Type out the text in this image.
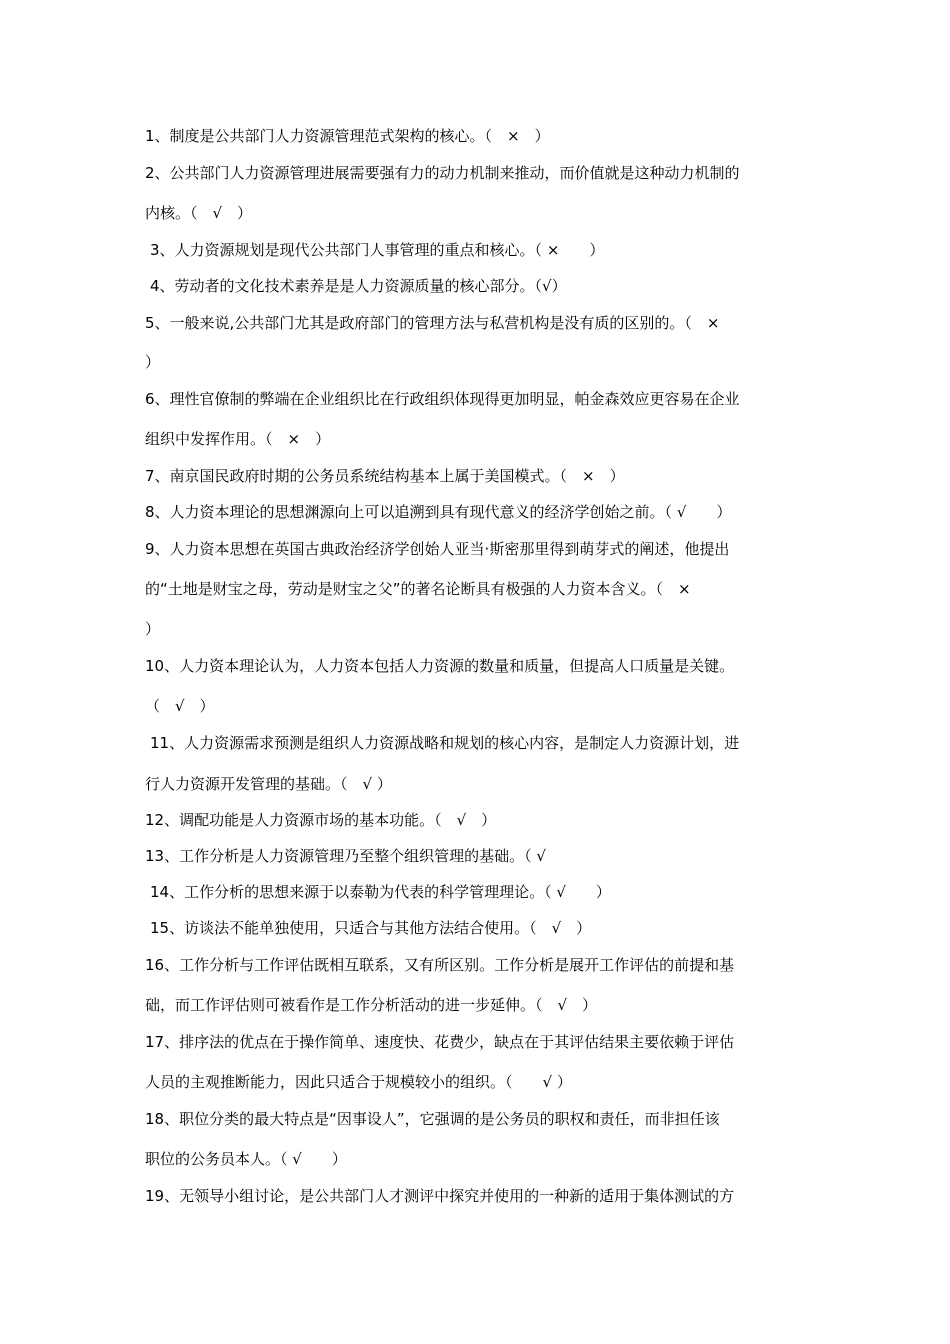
1、制度是公共部门人力资源管理范式架构的核心。（　×　）

2、公共部门人力资源管理进展需要强有力的动力机制来推动，而价值就是这种动力机制的

内核。（　√　）

3、人力资源规划是现代公共部门人事管理的重点和核心。（ ×　　）

4、劳动者的文化技术素养是是人力资源质量的核心部分。（√）

5、一般来说,公共部门尤其是政府部门的管理方法与私营机构是没有质的区别的。（　×

）

6、理性官僚制的弊端在企业组织比在行政组织体现得更加明显，帕金森效应更容易在企业

组织中发挥作用。（　×　）

7、南京国民政府时期的公务员系统结构基本上属于美国模式。（　×　）

8、人力资本理论的思想渊源向上可以追溯到具有现代意义的经济学创始之前。（ √　　）

9、人力资本思想在英国古典政治经济学创始人亚当·斯密那里得到萌芽式的阐述，他提出

的“土地是财宝之母，劳动是财宝之父”的著名论断具有极强的人力资本含义。（　×

）

10、人力资本理论认为，人力资本包括人力资源的数量和质量，但提高人口质量是关键。

（　√　）

11、人力资源需求预测是组织人力资源战略和规划的核心内容，是制定人力资源计划，进

行人力资源开发管理的基础。（　√ ）

12、调配功能是人力资源市场的基本功能。（　√　）

13、工作分析是人力资源管理乃至整个组织管理的基础。（ √

14、工作分析的思想来源于以泰勒为代表的科学管理理论。（ √　　）

15、访谈法不能单独使用，只适合与其他方法结合使用。（　√　）

16、工作分析与工作评估既相互联系，又有所区别。工作分析是展开工作评估的前提和基

础，而工作评估则可被看作是工作分析活动的进一步延伸。（　√　）

17、排序法的优点在于操作简单、速度快、花费少，缺点在于其评估结果主要依赖于评估

人员的主观推断能力，因此只适合于规模较小的组织。（　　√ ）

18、职位分类的最大特点是“因事设人”，它强调的是公务员的职权和责任，而非担任该

职位的公务员本人。（ √　　）

19、无领导小组讨论，是公共部门人才测评中探究并使用的一种新的适用于集体测试的方
